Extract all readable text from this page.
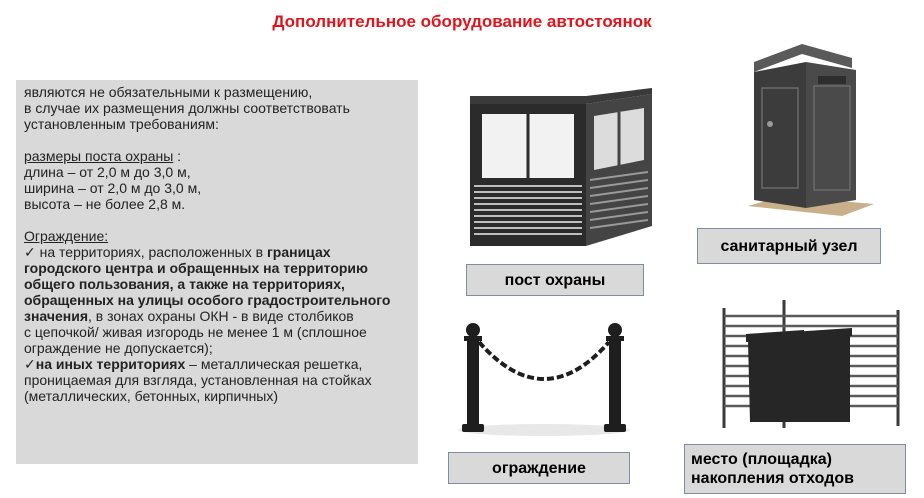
Дополнительное оборудование автостоянок

являются не обязательными к размещению,

в случае их размещения должны соответствовать

установленным требованиям:

размеры поста охраны :

длина – от 2,0 м до 3,0 м,

ширина – от 2,0 м до 3,0 м,

высота – не более 2,8 м.

Ограждение:

✓ на территориях, расположенных в границах

городского центра и обращенных на территорию

общего пользования, а также на территориях,

обращенных на улицы особого градостроительного

значения, в зонах охраны ОКН - в виде столбиков

с цепочкой/ живая изгородь не менее 1 м (сплошное

ограждение не допускается);

✓на иных территориях – металлическая решетка,

проницаемая для взгляда, установленная на стойках

(металлических, бетонных, кирпичных)

пост охраны
санитарный узел
ограждение	место (площадка)
накопления отходов
